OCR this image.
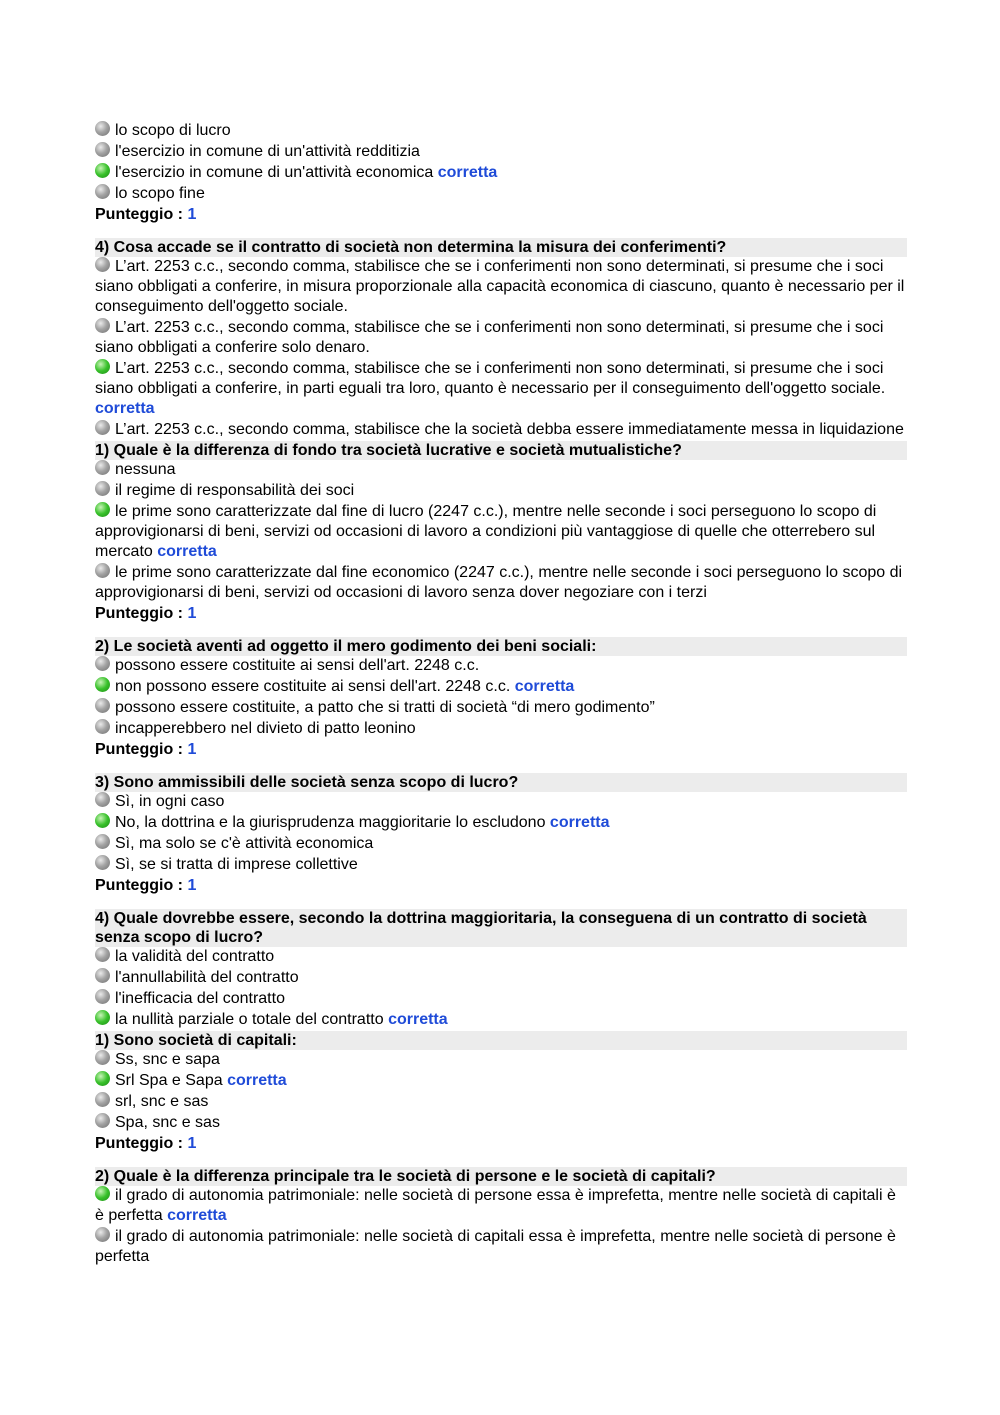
lo scopo di lucro
l'esercizio in comune di un'attività redditizia
l'esercizio in comune di un'attività economica corretta
lo scopo fine
Punteggio : 1
4) Cosa accade se il contratto di società non determina la misura dei conferimenti?
L’art. 2253 c.c., secondo comma, stabilisce che se i conferimenti non sono determinati, si presume che i soci siano obbligati a conferire, in misura proporzionale alla capacità economica di ciascuno, quanto è necessario per il conseguimento dell'oggetto sociale.
L’art. 2253 c.c., secondo comma, stabilisce che se i conferimenti non sono determinati, si presume che i soci siano obbligati a conferire solo denaro.
L’art. 2253 c.c., secondo comma, stabilisce che se i conferimenti non sono determinati, si presume che i soci siano obbligati a conferire, in parti eguali tra loro, quanto è necessario per il conseguimento dell'oggetto sociale. corretta
L’art. 2253 c.c., secondo comma, stabilisce che la società debba essere immediatamente messa in liquidazione
1) Quale è la differenza di fondo tra società lucrative e società mutualistiche?
nessuna
il regime di responsabilità dei soci
le prime sono caratterizzate dal fine di lucro (2247 c.c.), mentre nelle seconde i soci perseguono lo scopo di approvigionarsi di beni, servizi od occasioni di lavoro a condizioni più vantaggiose di quelle che otterrebero sul mercato corretta
le prime sono caratterizzate dal fine economico (2247 c.c.), mentre nelle seconde i soci perseguono lo scopo di approvigionarsi di beni, servizi od occasioni di lavoro senza dover negoziare con i terzi
Punteggio : 1
2) Le società aventi ad oggetto il mero godimento dei beni sociali:
possono essere costituite ai sensi dell'art. 2248 c.c.
non possono essere costituite ai sensi dell'art. 2248 c.c. corretta
possono essere costituite, a patto che si tratti di società “di mero godimento”
incapperebbero nel divieto di patto leonino
Punteggio : 1
3) Sono ammissibili delle società senza scopo di lucro?
Sì, in ogni caso
No, la dottrina e la giurisprudenza maggioritarie lo escludono corretta
Sì, ma solo se c'è attività economica
Sì, se si tratta di imprese collettive
Punteggio : 1
4) Quale dovrebbe essere, secondo la dottrina maggioritaria, la conseguena di un contratto di società senza scopo di lucro?
la validità del contratto
l'annullabilità del contratto
l'inefficacia del contratto
la nullità parziale o totale del contratto corretta
1) Sono società di capitali:
Ss, snc e sapa
Srl Spa e Sapa corretta
srl, snc e sas
Spa, snc e sas
Punteggio : 1
2) Quale è la differenza principale tra le società di persone e le società di capitali?
il grado di autonomia patrimoniale: nelle società di persone essa è imprefetta, mentre nelle società di capitali è è perfetta corretta
il grado di autonomia patrimoniale: nelle società di capitali essa è imprefetta, mentre nelle società di persone è perfetta
